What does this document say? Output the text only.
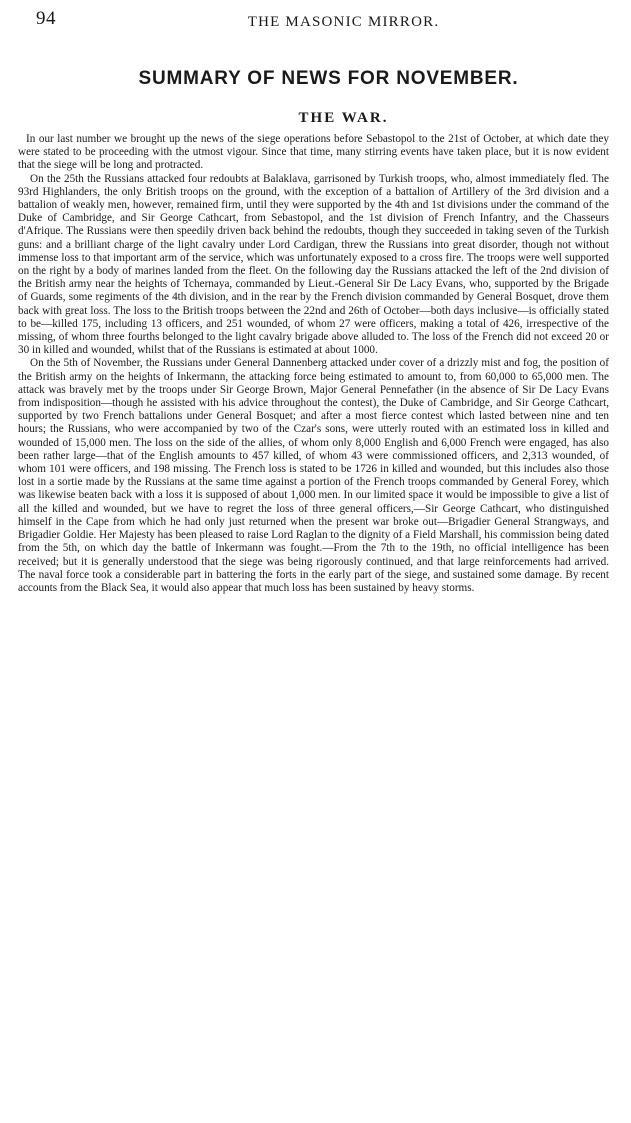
94	THE MASONIC MIRROR.
SUMMARY OF NEWS FOR NOVEMBER.
THE WAR.

In our last number we brought up the news of the siege operations before Sebastopol to the 21st of October, at which date they were stated to be proceeding with the utmost vigour. Since that time, many stirring events have taken place, but it is now evident that the siege will be long and protracted.

On the 25th the Russians attacked four redoubts at Balaklava, garrisoned by Turkish troops, who, almost immediately fled. The 93rd Highlanders, the only British troops on the ground, with the exception of a battalion of Artillery of the 3rd division and a battalion of weakly men, however, remained firm, until they were supported by the 4th and 1st divisions under the command of the Duke of Cambridge, and Sir George Cathcart, from Sebastopol, and the 1st division of French Infantry, and the Chasseurs d'Afrique. The Russians were then speedily driven back behind the redoubts, though they succeeded in taking seven of the Turkish guns: and a brilliant charge of the light cavalry under Lord Cardigan, threw the Russians into great disorder, though not without immense loss to that important arm of the service, which was unfortunately exposed to a cross fire. The troops were well supported on the right by a body of marines landed from the fleet. On the following day the Russians attacked the left of the 2nd division of the British army near the heights of Tchernaya, commanded by Lieut.-General Sir De Lacy Evans, who, supported by the Brigade of Guards, some regiments of the 4th division, and in the rear by the French division commanded by General Bosquet, drove them back with great loss. The loss to the British troops between the 22nd and 26th of October—both days inclusive—is officially stated to be—killed 175, including 13 officers, and 251 wounded, of whom 27 were officers, making a total of 426, irrespective of the missing, of whom three fourths belonged to the light cavalry brigade above alluded to. The loss of the French did not exceed 20 or 30 in killed and wounded, whilst that of the Russians is estimated at about 1000.

On the 5th of November, the Russians under General Dannenberg attacked under cover of a drizzly mist and fog, the position of the British army on the heights of Inkermann, the attacking force being estimated to amount to, from 60,000 to 65,000 men. The attack was bravely met by the troops under Sir George Brown, Major General Pennefather (in the absence of Sir De Lacy Evans from indisposition—though he assisted with his advice throughout the contest), the Duke of Cambridge, and Sir George Cathcart, supported by two French battalions under General Bosquet; and after a most fierce contest which lasted between nine and ten hours; the Russians, who were accompanied by two of the Czar's sons, were utterly routed with an estimated loss in killed and wounded of 15,000 men. The loss on the side of the allies, of whom only 8,000 English and 6,000 French were engaged, has also been rather large—that of the English amounts to 457 killed, of whom 43 were commissioned officers, and 2,313 wounded, of whom 101 were officers, and 198 missing. The French loss is stated to be 1726 in killed and wounded, but this includes also those lost in a sortie made by the Russians at the same time against a portion of the French troops commanded by General Forey, which was likewise beaten back with a loss it is supposed of about 1,000 men. In our limited space it would be impossible to give a list of all the killed and wounded, but we have to regret the loss of three general officers,—Sir George Cathcart, who distinguished himself in the Cape from which he had only just returned when the present war broke out—Brigadier General Strangways, and Brigadier Goldie. Her Majesty has been pleased to raise Lord Raglan to the dignity of a Field Marshall, his commission being dated from the 5th, on which day the battle of Inkermann was fought.—From the 7th to the 19th, no official intelligence has been received; but it is generally understood that the siege was being rigorously continued, and that large reinforcements had arrived. The naval force took a considerable part in battering the forts in the early part of the siege, and sustained some damage. By recent accounts from the Black Sea, it would also appear that much loss has been sustained by heavy storms.
